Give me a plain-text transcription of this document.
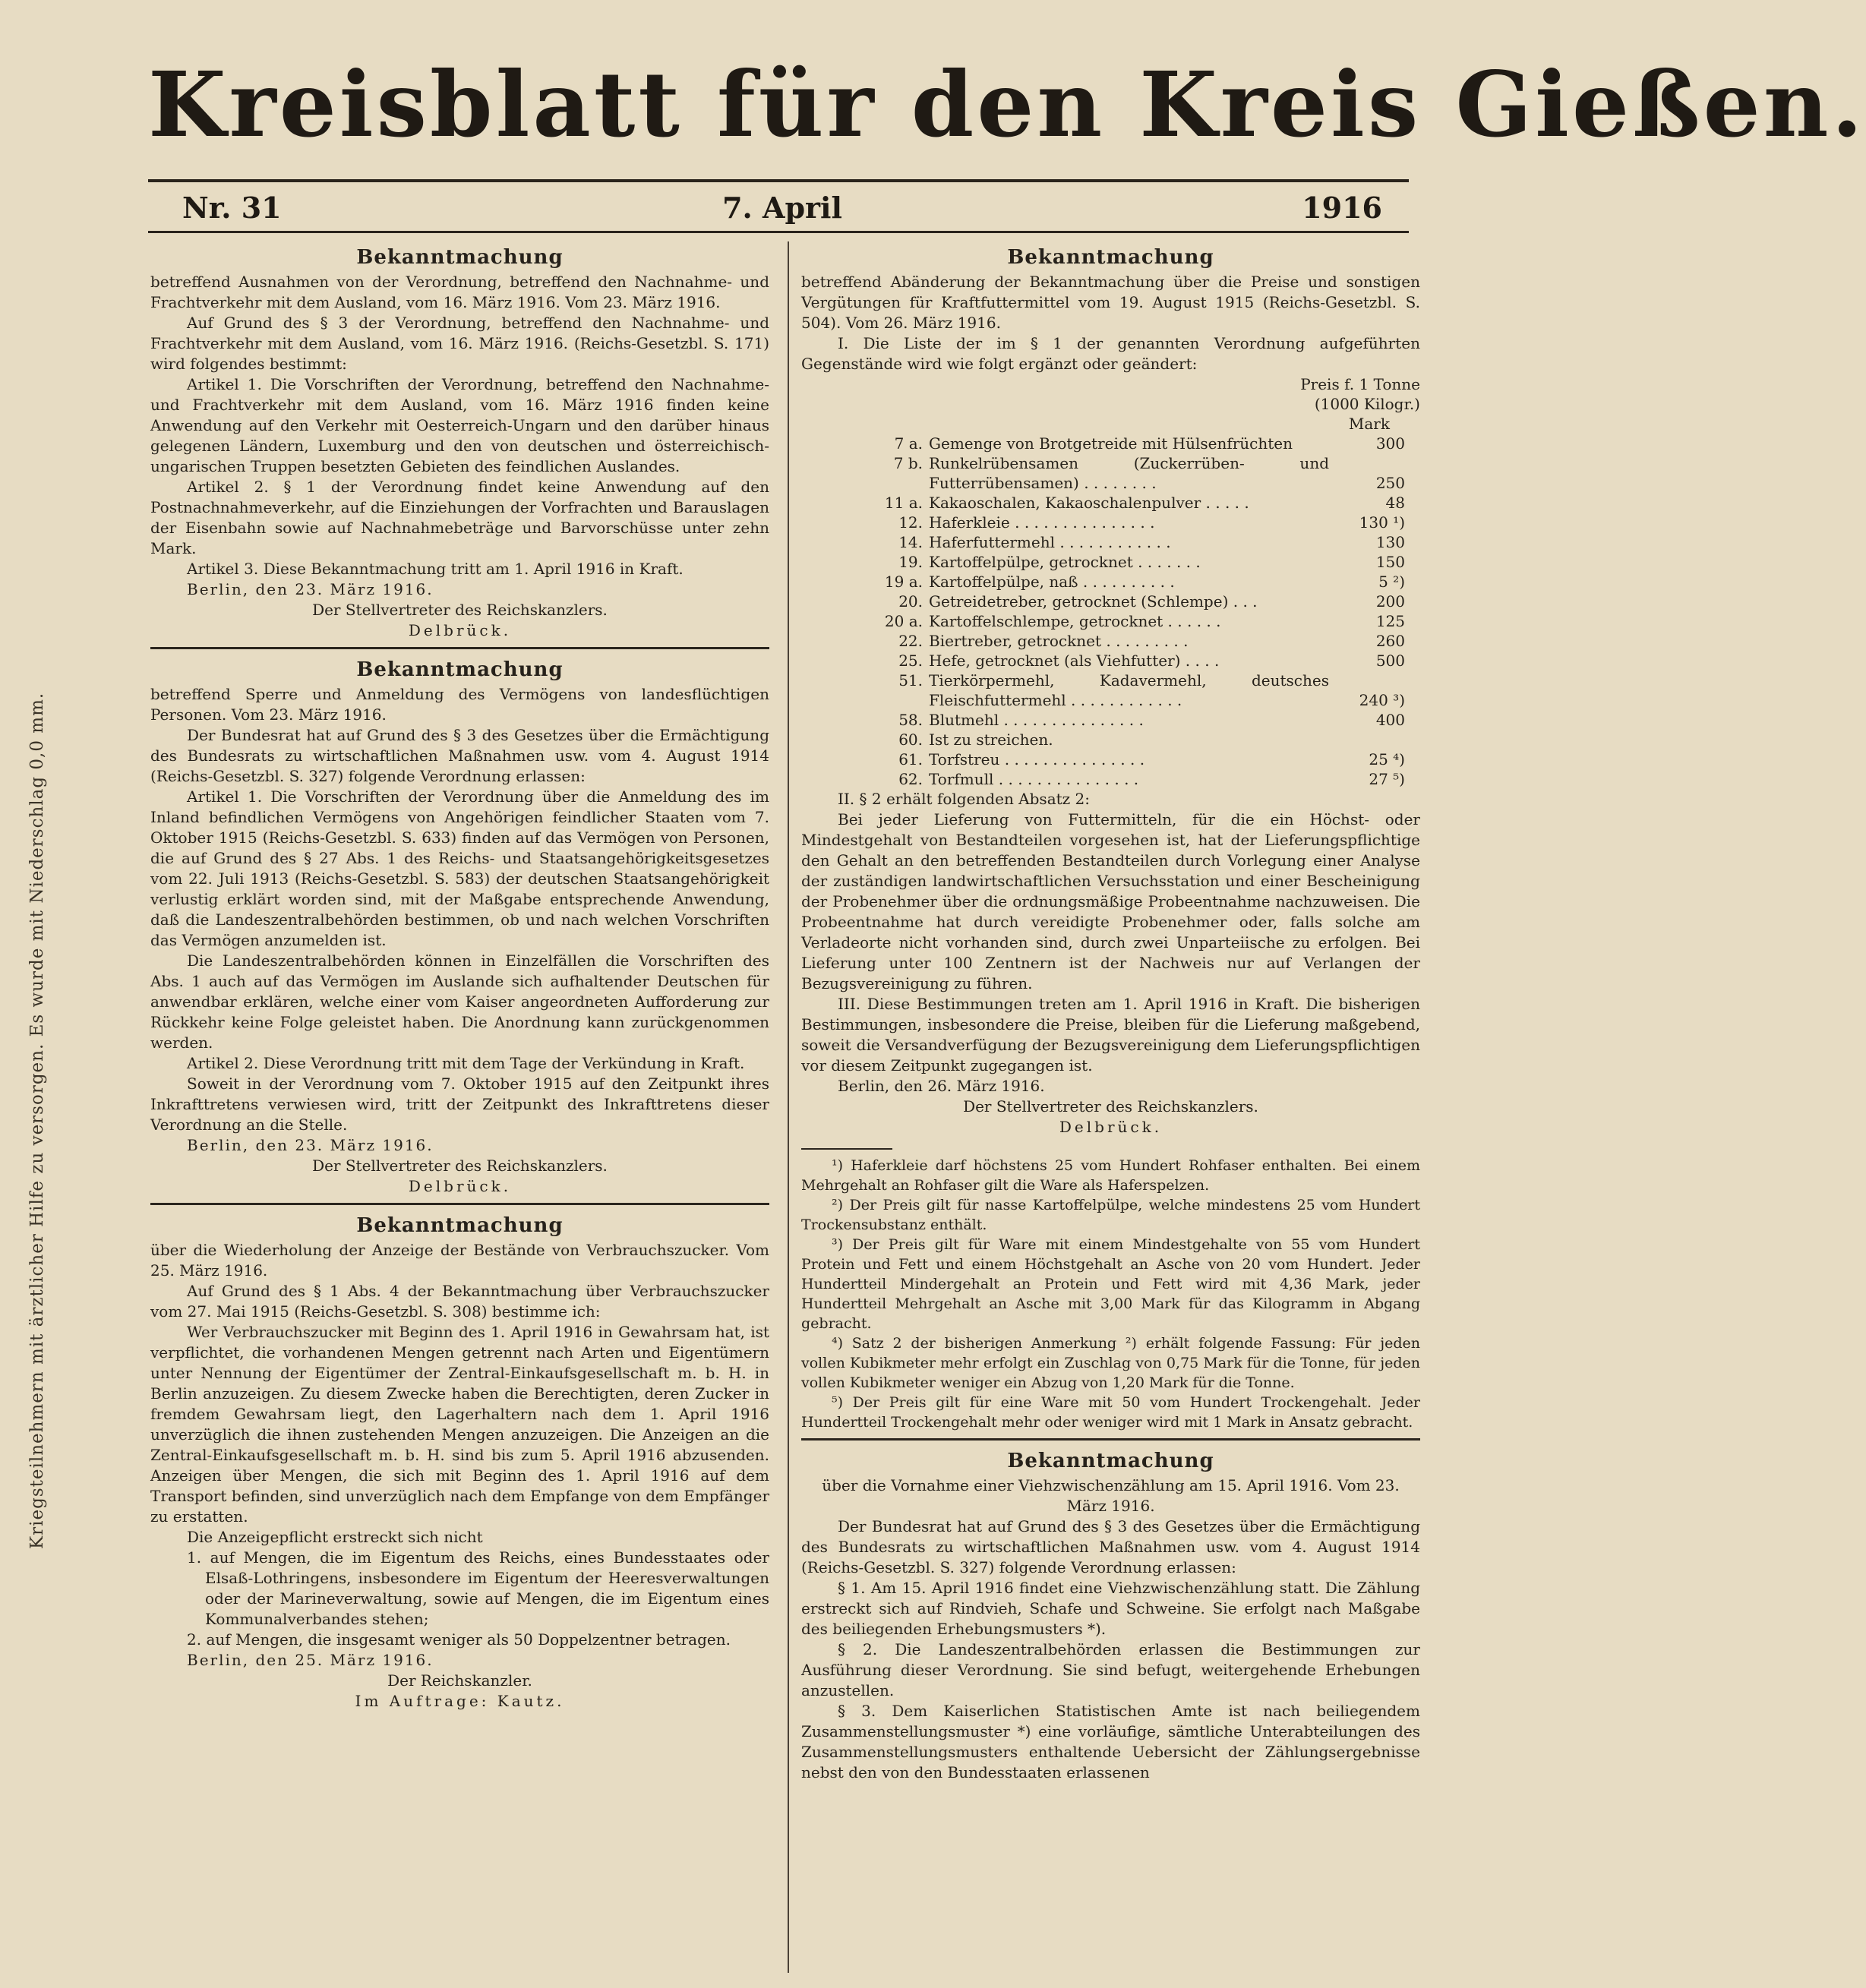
Kriegsteilnehmern mit ärztlicher Hilfe zu versorgen. Es wurde mit Niederschlag 0,0 mm.
Kreisblatt für den Kreis Gießen.
Nr. 31	7. April	1916
Bekanntmachung

betreffend Ausnahmen von der Verordnung, betreffend den Nachnahme- und Frachtverkehr mit dem Ausland, vom 16. März 1916. Vom 23. März 1916.

Auf Grund des § 3 der Verordnung, betreffend den Nachnahme- und Frachtverkehr mit dem Ausland, vom 16. März 1916. (Reichs-Gesetzbl. S. 171) wird folgendes bestimmt:

Artikel 1. Die Vorschriften der Verordnung, betreffend den Nachnahme- und Frachtverkehr mit dem Ausland, vom 16. März 1916 finden keine Anwendung auf den Verkehr mit Oesterreich-Ungarn und den darüber hinaus gelegenen Ländern, Luxemburg und den von deutschen und österreichisch-ungarischen Truppen besetzten Gebieten des feindlichen Auslandes.

Artikel 2. § 1 der Verordnung findet keine Anwendung auf den Postnachnahmeverkehr, auf die Einziehungen der Vorfrachten und Barauslagen der Eisenbahn sowie auf Nachnahmebeträge und Barvorschüsse unter zehn Mark.

Artikel 3. Diese Bekanntmachung tritt am 1. April 1916 in Kraft.

Berlin, den 23. März 1916.

Der Stellvertreter des Reichskanzlers.

Delbrück.

Bekanntmachung

betreffend Sperre und Anmeldung des Vermögens von landesflüchtigen Personen. Vom 23. März 1916.

Der Bundesrat hat auf Grund des § 3 des Gesetzes über die Ermächtigung des Bundesrats zu wirtschaftlichen Maßnahmen usw. vom 4. August 1914 (Reichs-Gesetzbl. S. 327) folgende Verordnung erlassen:

Artikel 1. Die Vorschriften der Verordnung über die Anmeldung des im Inland befindlichen Vermögens von Angehörigen feindlicher Staaten vom 7. Oktober 1915 (Reichs-Gesetzbl. S. 633) finden auf das Vermögen von Personen, die auf Grund des § 27 Abs. 1 des Reichs- und Staatsangehörigkeitsgesetzes vom 22. Juli 1913 (Reichs-Gesetzbl. S. 583) der deutschen Staatsangehörigkeit verlustig erklärt worden sind, mit der Maßgabe entsprechende Anwendung, daß die Landeszentralbehörden bestimmen, ob und nach welchen Vorschriften das Vermögen anzumelden ist.

Die Landeszentralbehörden können in Einzelfällen die Vorschriften des Abs. 1 auch auf das Vermögen im Auslande sich aufhaltender Deutschen für anwendbar erklären, welche einer vom Kaiser angeordneten Aufforderung zur Rückkehr keine Folge geleistet haben. Die Anordnung kann zurückgenommen werden.

Artikel 2. Diese Verordnung tritt mit dem Tage der Verkündung in Kraft.

Soweit in der Verordnung vom 7. Oktober 1915 auf den Zeitpunkt ihres Inkrafttretens verwiesen wird, tritt der Zeitpunkt des Inkrafttretens dieser Verordnung an die Stelle.

Berlin, den 23. März 1916.

Der Stellvertreter des Reichskanzlers.

Delbrück.

Bekanntmachung

über die Wiederholung der Anzeige der Bestände von Verbrauchszucker. Vom 25. März 1916.

Auf Grund des § 1 Abs. 4 der Bekanntmachung über Verbrauchszucker vom 27. Mai 1915 (Reichs-Gesetzbl. S. 308) bestimme ich:

Wer Verbrauchszucker mit Beginn des 1. April 1916 in Gewahrsam hat, ist verpflichtet, die vorhandenen Mengen getrennt nach Arten und Eigentümern unter Nennung der Eigentümer der Zentral-Einkaufsgesellschaft m. b. H. in Berlin anzuzeigen. Zu diesem Zwecke haben die Berechtigten, deren Zucker in fremdem Gewahrsam liegt, den Lagerhaltern nach dem 1. April 1916 unverzüglich die ihnen zustehenden Mengen anzuzeigen. Die Anzeigen an die Zentral-Einkaufsgesellschaft m. b. H. sind bis zum 5. April 1916 abzusenden. Anzeigen über Mengen, die sich mit Beginn des 1. April 1916 auf dem Transport befinden, sind unverzüglich nach dem Empfange von dem Empfänger zu erstatten.

Die Anzeigepflicht erstreckt sich nicht

1. auf Mengen, die im Eigentum des Reichs, eines Bundesstaates oder Elsaß-Lothringens, insbesondere im Eigentum der Heeresverwaltungen oder der Marineverwaltung, sowie auf Mengen, die im Eigentum eines Kommunalverbandes stehen;

2. auf Mengen, die insgesamt weniger als 50 Doppelzentner betragen.

Berlin, den 25. März 1916.

Der Reichskanzler.

Im Auftrage: Kautz.

Bekanntmachung

betreffend Abänderung der Bekanntmachung über die Preise und sonstigen Vergütungen für Kraftfuttermittel vom 19. August 1915 (Reichs-Gesetzbl. S. 504). Vom 26. März 1916.

I. Die Liste der im § 1 der genannten Verordnung aufgeführten Gegenstände wird wie folgt ergänzt oder geändert:

Preis f. 1 Tonne

(1000 Kilogr.)

Mark

7 a. Gemenge von Brotgetreide mit Hülsenfrüchten	300
7 b. Runkelrübensamen (Zuckerrüben- und Futterrübensamen) . . . . . . . .	250
11 a. Kakaoschalen, Kakaoschalenpulver . . . . .	48
12. Haferkleie . . . . . . . . . . . . . . .	130 ¹)
14. Haferfuttermehl . . . . . . . . . . . .	130
19. Kartoffelpülpe, getrocknet . . . . . . .	150
19 a. Kartoffelpülpe, naß . . . . . . . . . .	5 ²)
20. Getreidetreber, getrocknet (Schlempe) . . .	200
20 a. Kartoffelschlempe, getrocknet . . . . . .	125
22. Biertreber, getrocknet . . . . . . . . .	260
25. Hefe, getrocknet (als Viehfutter) . . . .	500
51. Tierkörpermehl, Kadavermehl, deutsches Fleischfuttermehl . . . . . . . . . . . .	240 ³)
58. Blutmehl . . . . . . . . . . . . . . .	400
60. Ist zu streichen.
61. Torfstreu . . . . . . . . . . . . . . .	25 ⁴)
62. Torfmull . . . . . . . . . . . . . . .	27 ⁵)

II. § 2 erhält folgenden Absatz 2:

Bei jeder Lieferung von Futtermitteln, für die ein Höchst- oder Mindestgehalt von Bestandteilen vorgesehen ist, hat der Lieferungspflichtige den Gehalt an den betreffenden Bestandteilen durch Vorlegung einer Analyse der zuständigen landwirtschaftlichen Versuchsstation und einer Bescheinigung der Probenehmer über die ordnungsmäßige Probeentnahme nachzuweisen. Die Probeentnahme hat durch vereidigte Probenehmer oder, falls solche am Verladeorte nicht vorhanden sind, durch zwei Unparteiische zu erfolgen. Bei Lieferung unter 100 Zentnern ist der Nachweis nur auf Verlangen der Bezugsvereinigung zu führen.

III. Diese Bestimmungen treten am 1. April 1916 in Kraft. Die bisherigen Bestimmungen, insbesondere die Preise, bleiben für die Lieferung maßgebend, soweit die Versandverfügung der Bezugsvereinigung dem Lieferungspflichtigen vor diesem Zeitpunkt zugegangen ist.

Berlin, den 26. März 1916.

Der Stellvertreter des Reichskanzlers.

Delbrück.

¹) Haferkleie darf höchstens 25 vom Hundert Rohfaser enthalten. Bei einem Mehrgehalt an Rohfaser gilt die Ware als Haferspelzen.

²) Der Preis gilt für nasse Kartoffelpülpe, welche mindestens 25 vom Hundert Trockensubstanz enthält.

³) Der Preis gilt für Ware mit einem Mindestgehalte von 55 vom Hundert Protein und Fett und einem Höchstgehalt an Asche von 20 vom Hundert. Jeder Hundertteil Mindergehalt an Protein und Fett wird mit 4,36 Mark, jeder Hundertteil Mehrgehalt an Asche mit 3,00 Mark für das Kilogramm in Abgang gebracht.

⁴) Satz 2 der bisherigen Anmerkung ²) erhält folgende Fassung: Für jeden vollen Kubikmeter mehr erfolgt ein Zuschlag von 0,75 Mark für die Tonne, für jeden vollen Kubikmeter weniger ein Abzug von 1,20 Mark für die Tonne.

⁵) Der Preis gilt für eine Ware mit 50 vom Hundert Trockengehalt. Jeder Hundertteil Trockengehalt mehr oder weniger wird mit 1 Mark in Ansatz gebracht.

Bekanntmachung

über die Vornahme einer Viehzwischenzählung am 15. April 1916. Vom 23. März 1916.

Der Bundesrat hat auf Grund des § 3 des Gesetzes über die Ermächtigung des Bundesrats zu wirtschaftlichen Maßnahmen usw. vom 4. August 1914 (Reichs-Gesetzbl. S. 327) folgende Verordnung erlassen:

§ 1. Am 15. April 1916 findet eine Viehzwischenzählung statt. Die Zählung erstreckt sich auf Rindvieh, Schafe und Schweine. Sie erfolgt nach Maßgabe des beiliegenden Erhebungsmusters *).

§ 2. Die Landeszentralbehörden erlassen die Bestimmungen zur Ausführung dieser Verordnung. Sie sind befugt, weitergehende Erhebungen anzustellen.

§ 3. Dem Kaiserlichen Statistischen Amte ist nach beiliegendem Zusammenstellungsmuster *) eine vorläufige, sämtliche Unterabteilungen des Zusammenstellungsmusters enthaltende Uebersicht der Zählungsergebnisse nebst den von den Bundesstaaten erlassenen
